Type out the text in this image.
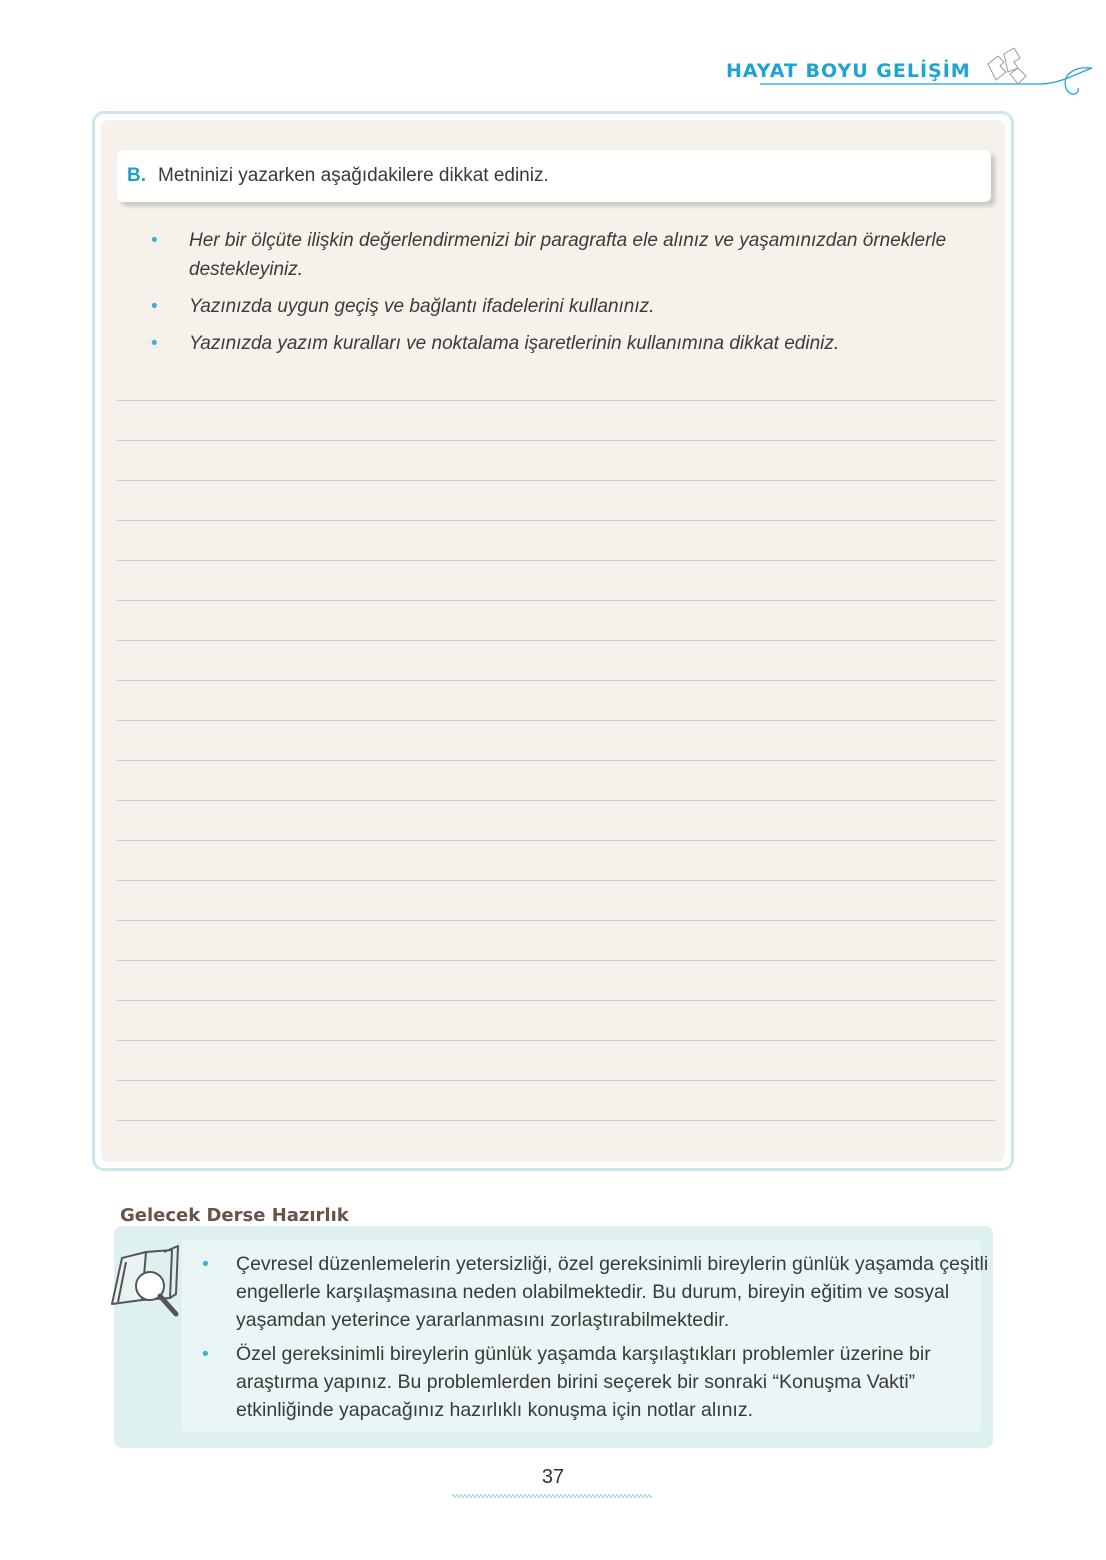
HAYAT BOYU GELİŞİM
B. Metninizi yazarken aşağıdakilere dikkat ediniz.
• Her bir ölçüte ilişkin değerlendirmenizi bir paragrafta ele alınız ve yaşamınızdan örneklerle destekleyiniz.
• Yazınızda uygun geçiş ve bağlantı ifadelerini kullanınız.
• Yazınızda yazım kuralları ve noktalama işaretlerinin kullanımına dikkat ediniz.
Gelecek Derse Hazırlık
• Çevresel düzenlemelerin yetersizliği, özel gereksinimli bireylerin günlük yaşamda çeşitli engellerle karşılaşmasına neden olabilmektedir. Bu durum, bireyin eğitim ve sosyal yaşamdan yeterince yararlanmasını zorlaştırabilmektedir.
• Özel gereksinimli bireylerin günlük yaşamda karşılaştıkları problemler üzerine bir araştırma yapınız. Bu problemlerden birini seçerek bir sonraki “Konuşma Vakti” etkinliğinde yapacağınız hazırlıklı konuşma için notlar alınız.
37
